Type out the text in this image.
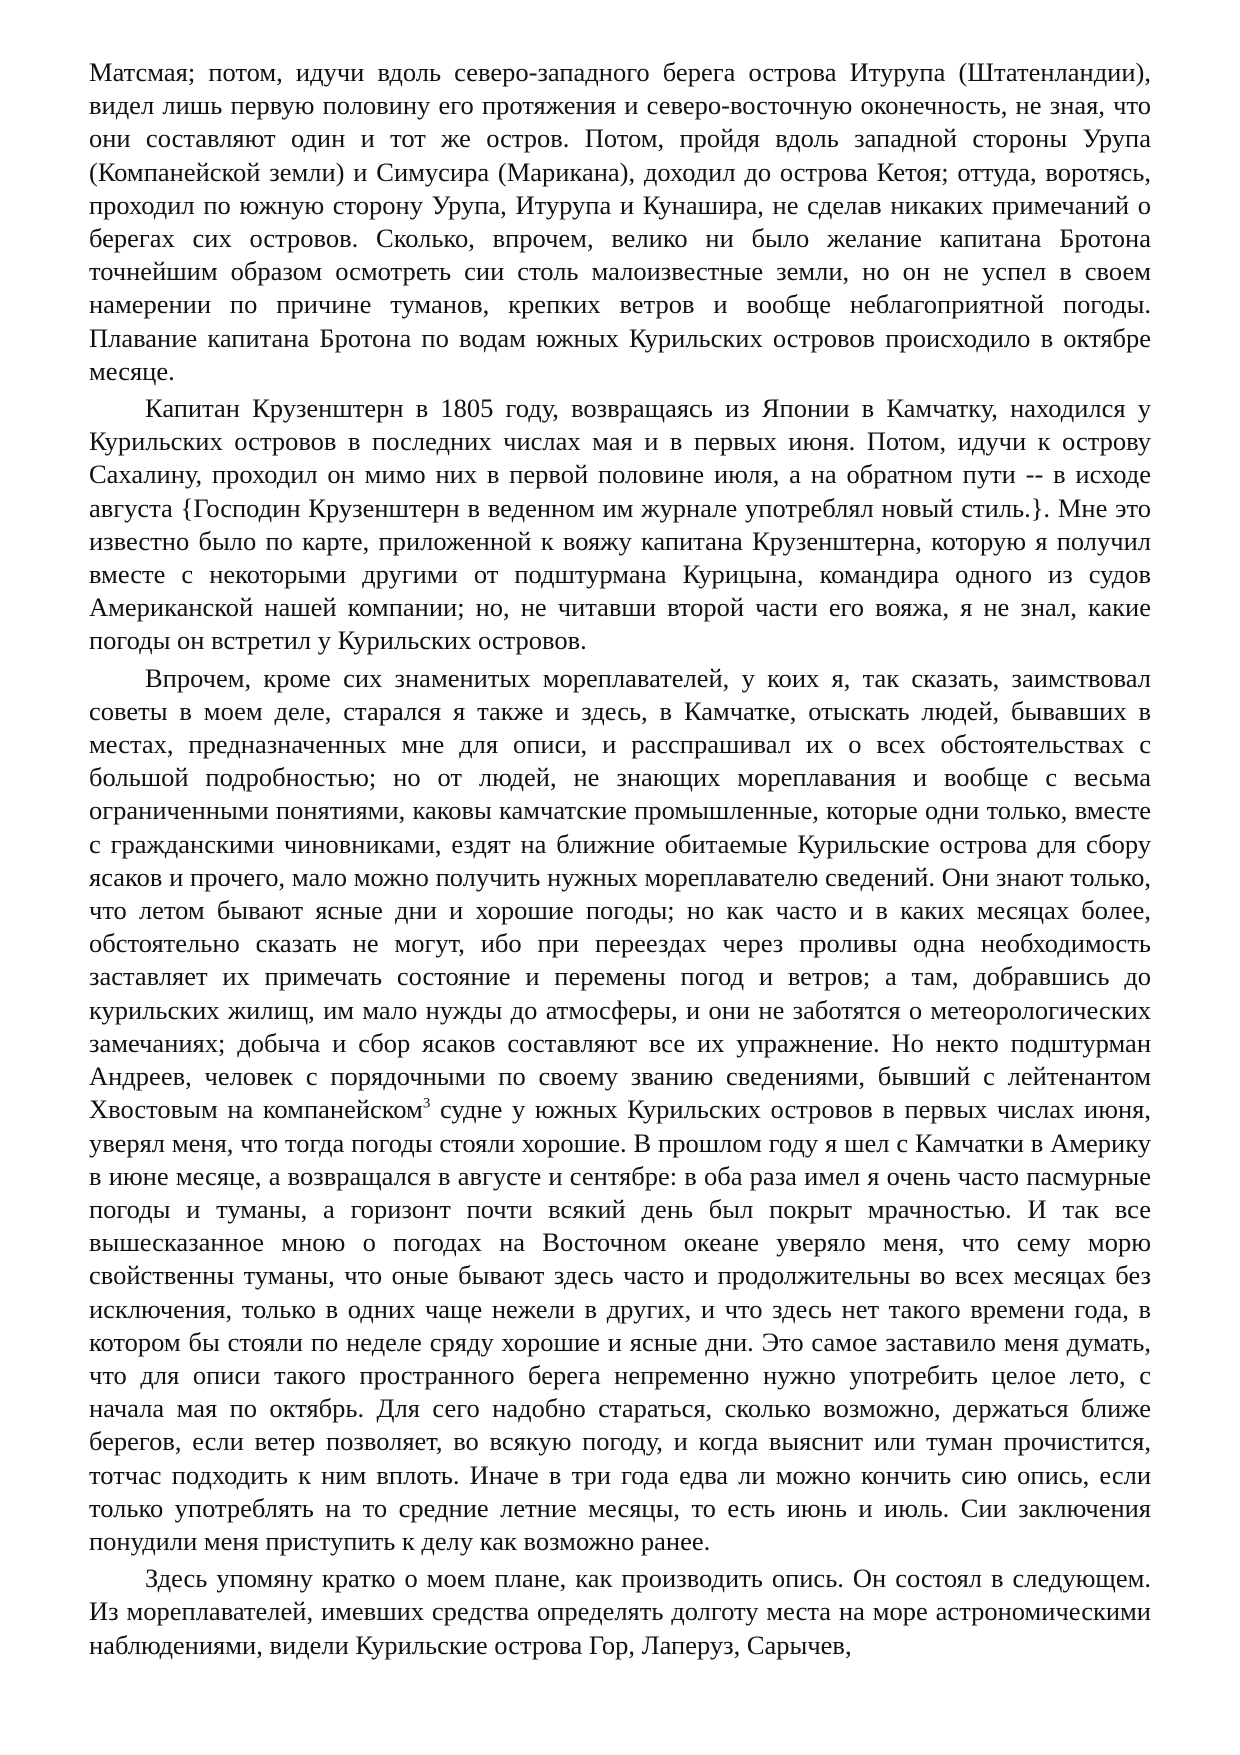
Матсмая; потом, идучи вдоль северо-западного берега острова Итурупа (Штатенландии), видел лишь первую половину его протяжения и северо-восточную оконечность, не зная, что они составляют один и тот же остров. Потом, пройдя вдоль западной стороны Урупа (Компанейской земли) и Симусира (Марикана), доходил до острова Кетоя; оттуда, воротясь, проходил по южную сторону Урупа, Итурупа и Кунашира, не сделав никаких примечаний о берегах сих островов. Сколько, впрочем, велико ни было желание капитана Бротона точнейшим образом осмотреть сии столь малоизвестные земли, но он не успел в своем намерении по причине туманов, крепких ветров и вообще неблагоприятной погоды. Плавание капитана Бротона по водам южных Курильских островов происходило в октябре месяце.

Капитан Крузенштерн в 1805 году, возвращаясь из Японии в Камчатку, находился у Курильских островов в последних числах мая и в первых июня. Потом, идучи к острову Сахалину, проходил он мимо них в первой половине июля, а на обратном пути -- в исходе августа {Господин Крузенштерн в веденном им журнале употреблял новый стиль.}. Мне это известно было по карте, приложенной к вояжу капитана Крузенштерна, которую я получил вместе с некоторыми другими от подштурмана Курицына, командира одного из судов Американской нашей компании; но, не читавши второй части его вояжа, я не знал, какие погоды он встретил у Курильских островов.

Впрочем, кроме сих знаменитых мореплавателей, у коих я, так сказать, заимствовал советы в моем деле, старался я также и здесь, в Камчатке, отыскать людей, бывавших в местах, предназначенных мне для описи, и расспрашивал их о всех обстоятельствах с большой подробностью; но от людей, не знающих мореплавания и вообще с весьма ограниченными понятиями, каковы камчатские промышленные, которые одни только, вместе с гражданскими чиновниками, ездят на ближние обитаемые Курильские острова для сбору ясаков и прочего, мало можно получить нужных мореплавателю сведений. Они знают только, что летом бывают ясные дни и хорошие погоды; но как часто и в каких месяцах более, обстоятельно сказать не могут, ибо при переездах через проливы одна необходимость заставляет их примечать состояние и перемены погод и ветров; а там, добравшись до курильских жилищ, им мало нужды до атмосферы, и они не заботятся о метеорологических замечаниях; добыча и сбор ясаков составляют все их упражнение. Но некто подштурман Андреев, человек с порядочными по своему званию сведениями, бывший с лейтенантом Хвостовым на компанейском$^3$ судне у южных Курильских островов в первых числах июня, уверял меня, что тогда погоды стояли хорошие. В прошлом году я шел с Камчатки в Америку в июне месяце, а возвращался в августе и сентябре: в оба раза имел я очень часто пасмурные погоды и туманы, а горизонт почти всякий день был покрыт мрачностью. И так все вышесказанное мною о погодах на Восточном океане уверяло меня, что сему морю свойственны туманы, что оные бывают здесь часто и продолжительны во всех месяцах без исключения, только в одних чаще нежели в других, и что здесь нет такого времени года, в котором бы стояли по неделе сряду хорошие и ясные дни. Это самое заставило меня думать, что для описи такого пространного берега непременно нужно употребить целое лето, с начала мая по октябрь. Для сего надобно стараться, сколько возможно, держаться ближе берегов, если ветер позволяет, во всякую погоду, и когда выяснит или туман прочистится, тотчас подходить к ним вплоть. Иначе в три года едва ли можно кончить сию опись, если только употреблять на то средние летние месяцы, то есть июнь и июль. Сии заключения понудили меня приступить к делу как возможно ранее.

Здесь упомяну кратко о моем плане, как производить опись. Он состоял в следующем. Из мореплавателей, имевших средства определять долготу места на море астрономическими наблюдениями, видели Курильские острова Гор, Лаперуз, Сарычев,
